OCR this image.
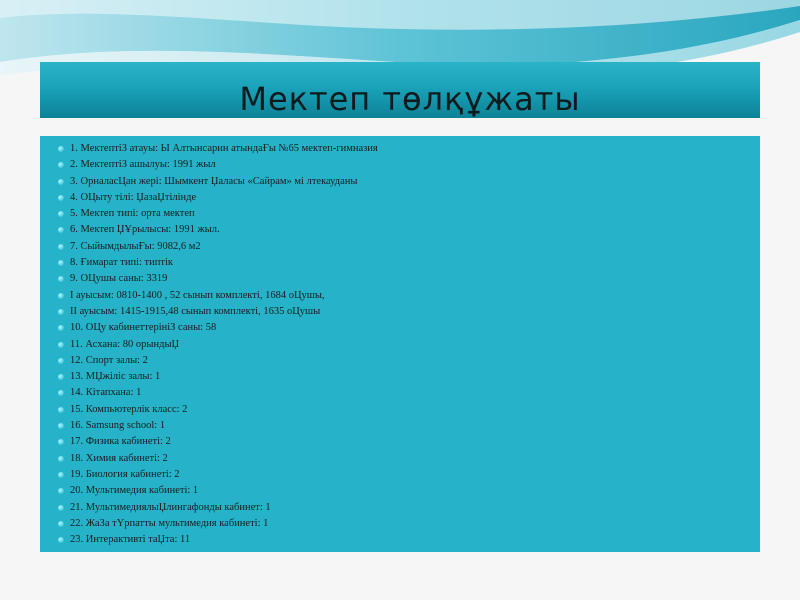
Мектеп төлқұжаты
1. МектептіЗ атауы: Ы Алтынсарин атындаҒы №65 мектеп-гимназия
2. МектептіЗ ашылуы: 1991 жыл
3. ОрналасЦан жері: Шымкент Џаласы «Сайрам» мі лтекауданы
4. ОЦыту тілі: ЏазаЏтілінде
5. Мектеп типі: орта мектеп
6. Мектеп ЏҰрылысы: 1991 жыл.
7. СыйымдылыҒы: 9082,6 м2
8. Ғимарат типі: типтік
9. ОЦушы саны: 3319
І ауысым: 0810-1400 , 52 сынып комплекті, 1684 оЦушы,
ІІ ауысым: 1415-1915,48 сынып комплекті, 1635 оЦушы
10. ОЦу кабинеттерініЗ саны: 58
11. Асхана: 80 орындыЏ
12. Спорт залы: 2
13. МЏжіліс залы: 1
14. Кітапхана: 1
15. Компьютерлік класс: 2
16. Samsung school: 1
17. Физика кабинеті: 2
18. Химия кабинеті: 2
19. Биология кабинеті: 2
20. Мультимедия кабинеті: 1
21. МультимедиялыЏлингафонды кабинет: 1
22. ЖаЗа тҮрпатты мультимедия кабинеті: 1
23. Интерактивті таЏта: 11
